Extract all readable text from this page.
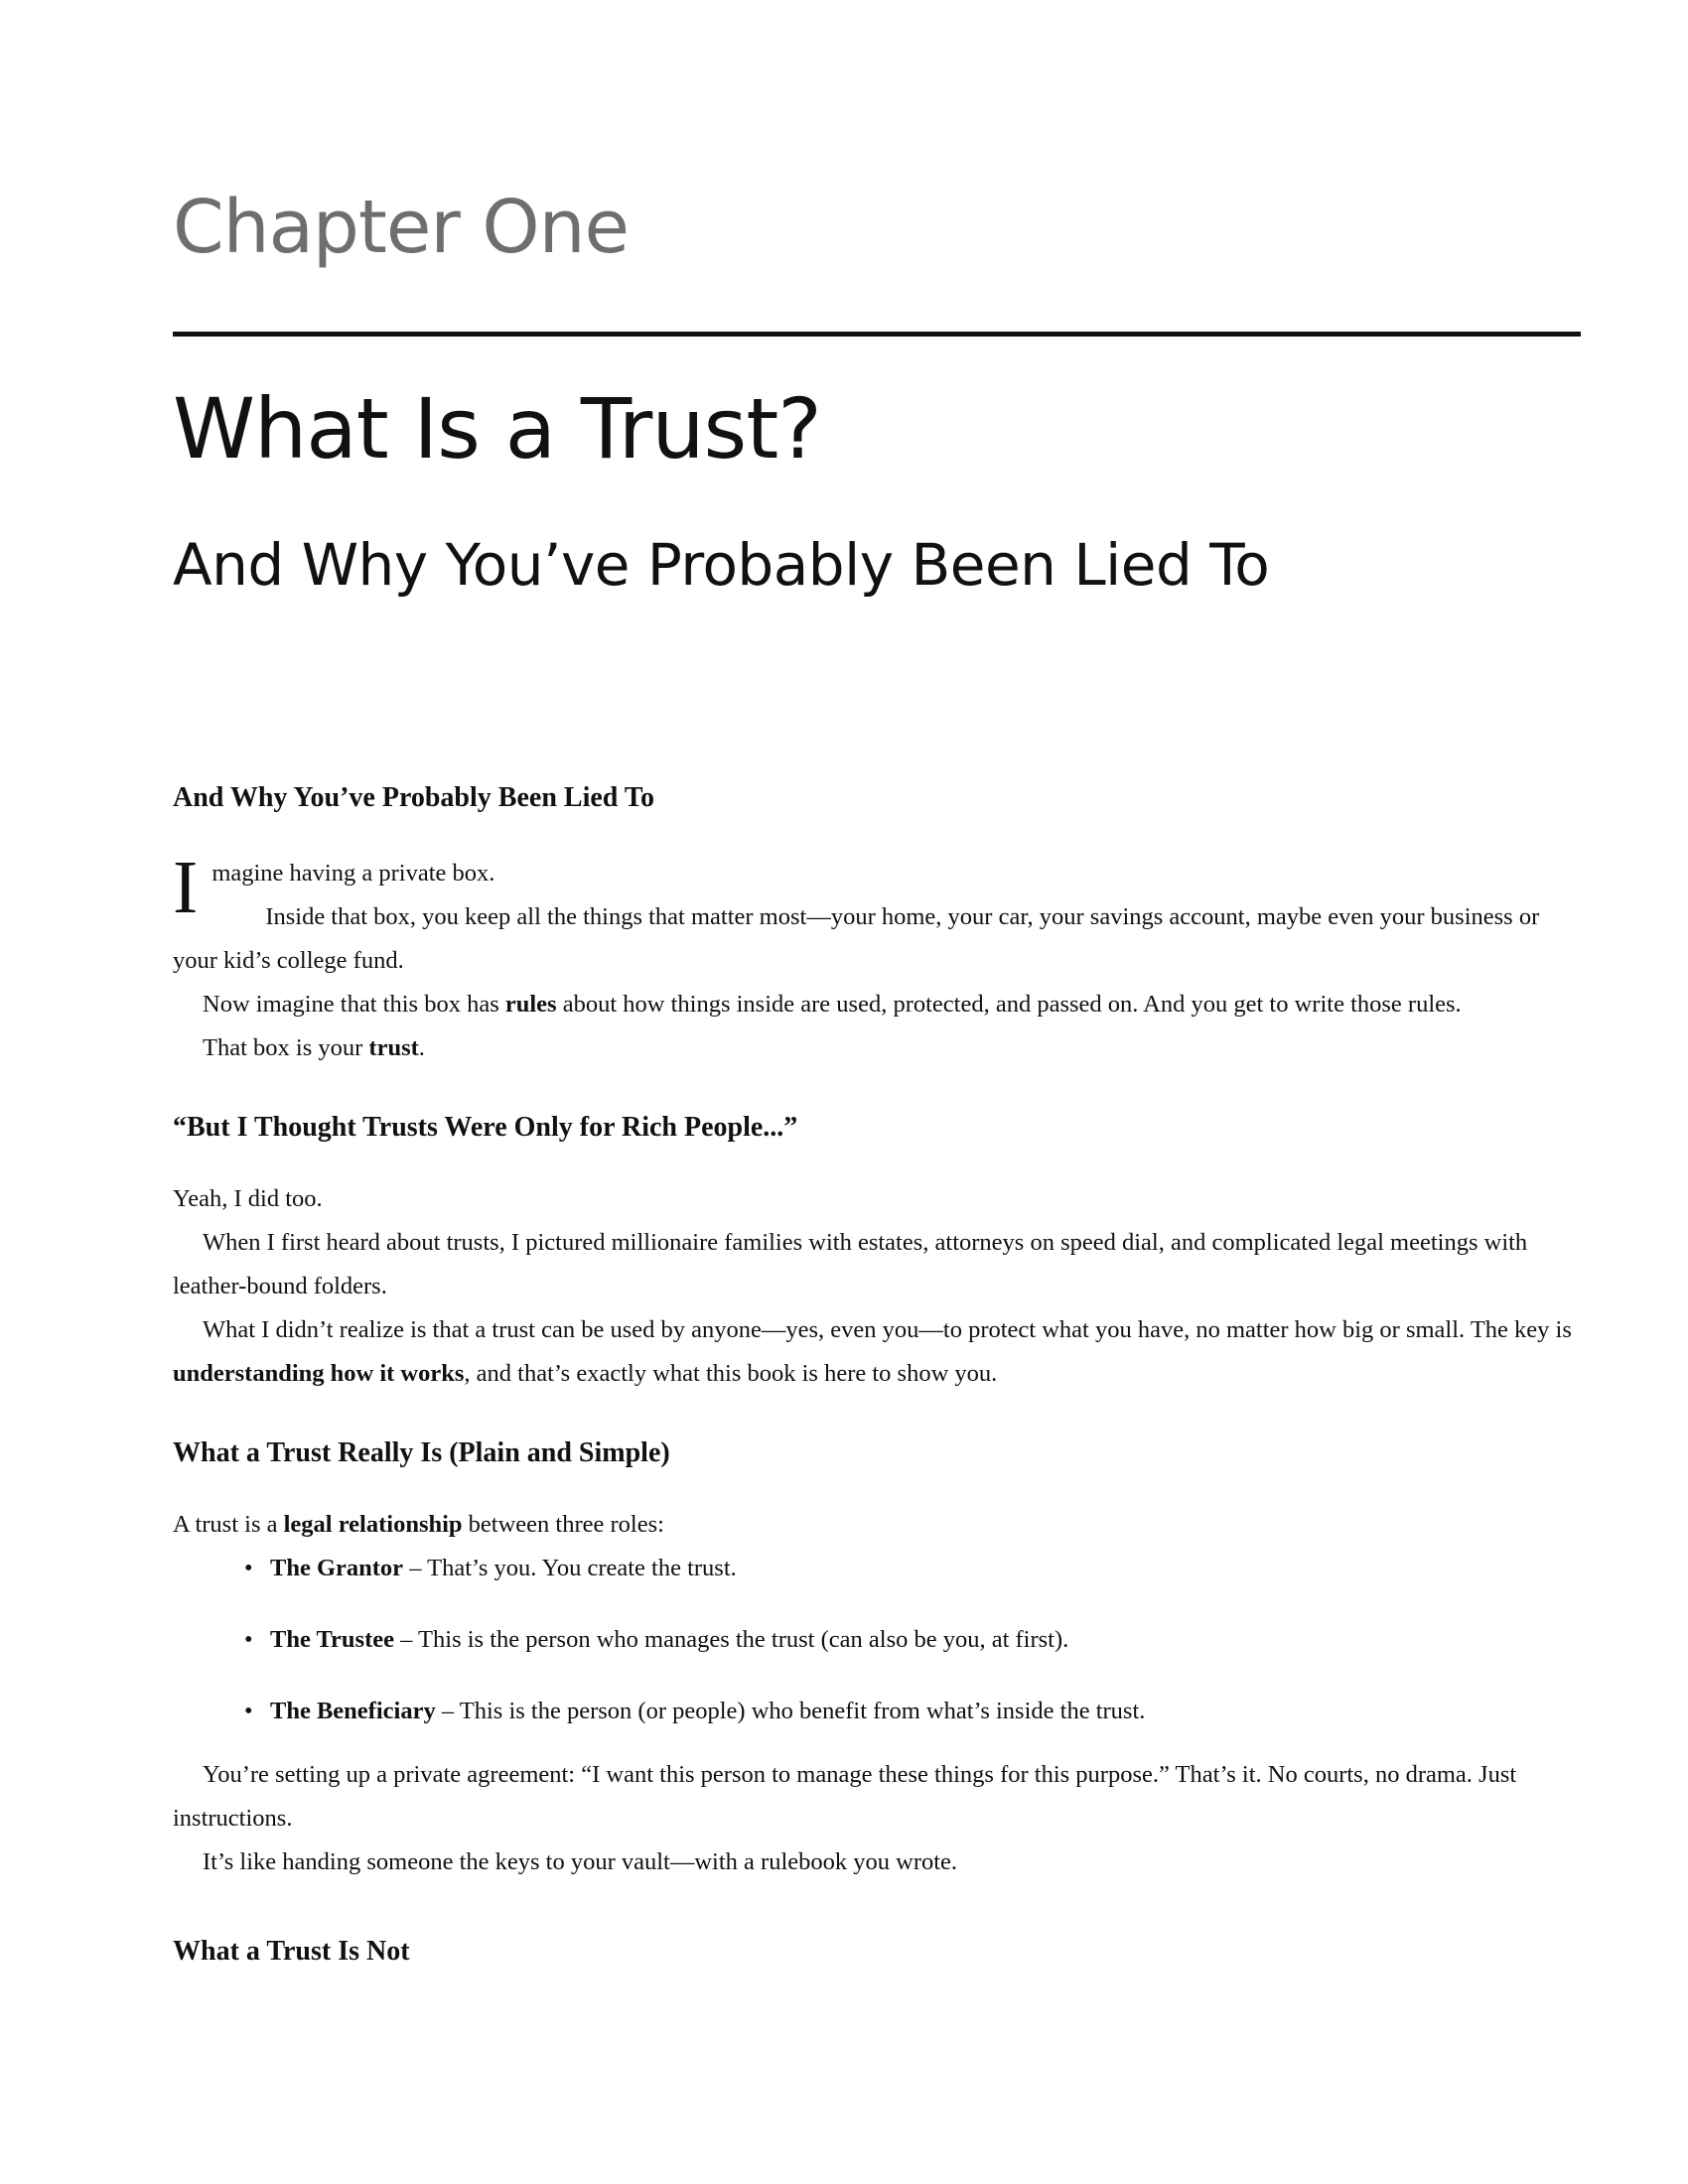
Chapter One
What Is a Trust?
And Why You’ve Probably Been Lied To
And Why You’ve Probably Been Lied To
I magine having a private box.

Inside that box, you keep all the things that matter most—your home, your car, your savings account, maybe even your business or your kid’s college fund.

Now imagine that this box has rules about how things inside are used, protected, and passed on. And you get to write those rules.

That box is your trust.

“But I Thought Trusts Were Only for Rich People...”

Yeah, I did too.

When I first heard about trusts, I pictured millionaire families with estates, attorneys on speed dial, and complicated legal meetings with leather-bound folders.

What I didn’t realize is that a trust can be used by anyone—yes, even you—to protect what you have, no matter how big or small. The key is understanding how it works, and that’s exactly what this book is here to show you.

What a Trust Really Is (Plain and Simple)

A trust is a legal relationship between three roles:

• The Grantor – That’s you. You create the trust.
• The Trustee – This is the person who manages the trust (can also be you, at first).
• The Beneficiary – This is the person (or people) who benefit from what’s inside the trust.

You’re setting up a private agreement: “I want this person to manage these things for this purpose.” That’s it. No courts, no drama. Just instructions.

It’s like handing someone the keys to your vault—with a rulebook you wrote.

What a Trust Is Not
